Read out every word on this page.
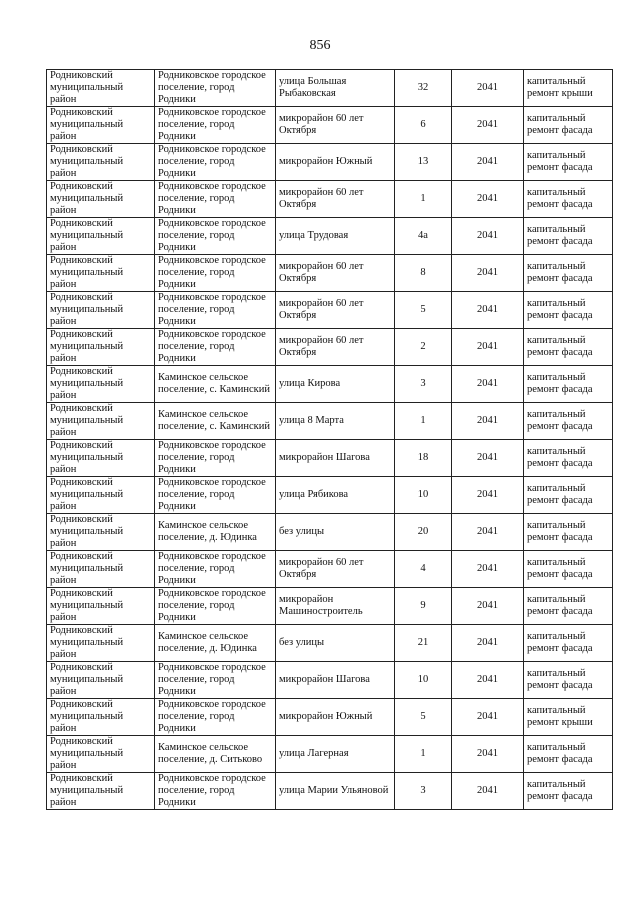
856
Родниковский муниципальный район	Родниковское городское поселение, город Родники	улица Большая Рыбаковская	32	2041	капитальный ремонт крыши
Родниковский муниципальный район	Родниковское городское поселение, город Родники	микрорайон 60 лет Октября	6	2041	капитальный ремонт фасада
Родниковский муниципальный район	Родниковское городское поселение, город Родники	микрорайон Южный	13	2041	капитальный ремонт фасада
Родниковский муниципальный район	Родниковское городское поселение, город Родники	микрорайон 60 лет Октября	1	2041	капитальный ремонт фасада
Родниковский муниципальный район	Родниковское городское поселение, город Родники	улица Трудовая	4а	2041	капитальный ремонт фасада
Родниковский муниципальный район	Родниковское городское поселение, город Родники	микрорайон 60 лет Октября	8	2041	капитальный ремонт фасада
Родниковский муниципальный район	Родниковское городское поселение, город Родники	микрорайон 60 лет Октября	5	2041	капитальный ремонт фасада
Родниковский муниципальный район	Родниковское городское поселение, город Родники	микрорайон 60 лет Октября	2	2041	капитальный ремонт фасада
Родниковский муниципальный район	Каминское сельское поселение, с. Каминский	улица Кирова	3	2041	капитальный ремонт фасада
Родниковский муниципальный район	Каминское сельское поселение, с. Каминский	улица 8 Марта	1	2041	капитальный ремонт фасада
Родниковский муниципальный район	Родниковское городское поселение, город Родники	микрорайон Шагова	18	2041	капитальный ремонт фасада
Родниковский муниципальный район	Родниковское городское поселение, город Родники	улица Рябикова	10	2041	капитальный ремонт фасада
Родниковский муниципальный район	Каминское сельское поселение, д. Юдинка	без улицы	20	2041	капитальный ремонт фасада
Родниковский муниципальный район	Родниковское городское поселение, город Родники	микрорайон 60 лет Октября	4	2041	капитальный ремонт фасада
Родниковский муниципальный район	Родниковское городское поселение, город Родники	микрорайон Машиностроитель	9	2041	капитальный ремонт фасада
Родниковский муниципальный район	Каминское сельское поселение, д. Юдинка	без улицы	21	2041	капитальный ремонт фасада
Родниковский муниципальный район	Родниковское городское поселение, город Родники	микрорайон Шагова	10	2041	капитальный ремонт фасада
Родниковский муниципальный район	Родниковское городское поселение, город Родники	микрорайон Южный	5	2041	капитальный ремонт крыши
Родниковский муниципальный район	Каминское сельское поселение, д. Ситьково	улица Лагерная	1	2041	капитальный ремонт фасада
Родниковский муниципальный район	Родниковское городское поселение, город Родники	улица Марии Ульяновой	3	2041	капитальный ремонт фасада
